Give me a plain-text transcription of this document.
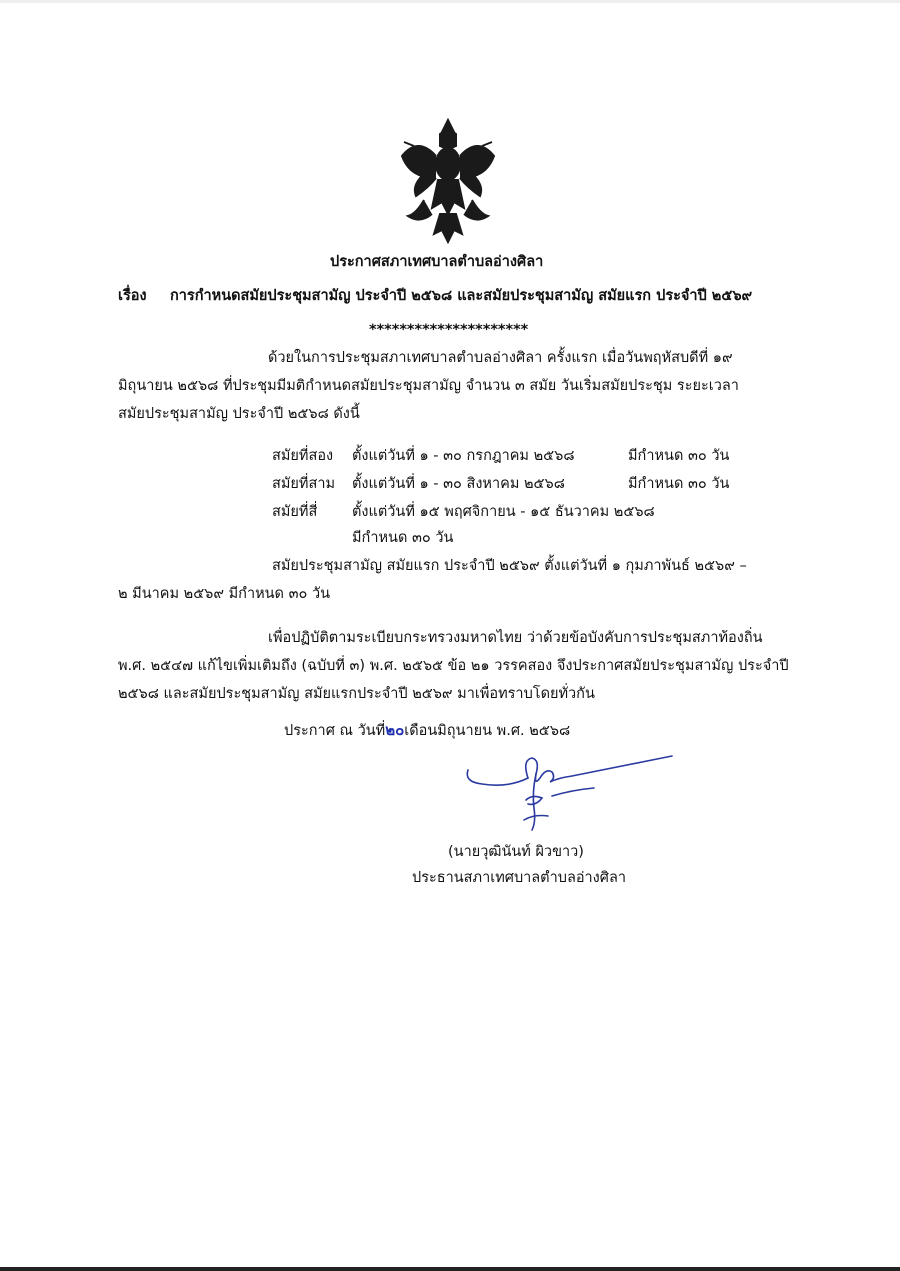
ประกาศสภาเทศบาลตำบลอ่างศิลา
เรื่อง การกำหนดสมัยประชุมสามัญ ประจำปี ๒๕๖๘ และสมัยประชุมสามัญ สมัยแรก ประจำปี ๒๕๖๙
*********************
ด้วยในการประชุมสภาเทศบาลตำบลอ่างศิลา ครั้งแรก เมื่อวันพฤหัสบดีที่ ๑๙
มิถุนายน ๒๕๖๘ ที่ประชุมมีมติกำหนดสมัยประชุมสามัญ จำนวน ๓ สมัย วันเริ่มสมัยประชุม ระยะเวลา
สมัยประชุมสามัญ ประจำปี ๒๕๖๘ ดังนี้
สมัยที่สอง ตั้งแต่วันที่ ๑ - ๓๐ กรกฎาคม ๒๕๖๘	มีกำหนด ๓๐ วัน
สมัยที่สาม ตั้งแต่วันที่ ๑ - ๓๐ สิงหาคม ๒๕๖๘	มีกำหนด ๓๐ วัน
สมัยที่สี่ ตั้งแต่วันที่ ๑๕ พฤศจิกายน - ๑๕ ธันวาคม ๒๕๖๘
มีกำหนด ๓๐ วัน
สมัยประชุมสามัญ สมัยแรก ประจำปี ๒๕๖๙ ตั้งแต่วันที่ ๑ กุมภาพันธ์ ๒๕๖๙ –
๒ มีนาคม ๒๕๖๙ มีกำหนด ๓๐ วัน
เพื่อปฏิบัติตามระเบียบกระทรวงมหาดไทย ว่าด้วยข้อบังคับการประชุมสภาท้องถิ่น
พ.ศ. ๒๕๔๗ แก้ไขเพิ่มเติมถึง (ฉบับที่ ๓) พ.ศ. ๒๕๖๕ ข้อ ๒๑ วรรคสอง จึงประกาศสมัยประชุมสามัญ ประจำปี
๒๕๖๘ และสมัยประชุมสามัญ สมัยแรกประจำปี ๒๕๖๙ มาเพื่อทราบโดยทั่วกัน
ประกาศ ณ วันที่๒๐เดือนมิถุนายน พ.ศ. ๒๕๖๘
(นายวุฒินันท์ ผิวขาว)
ประธานสภาเทศบาลตำบลอ่างศิลา
